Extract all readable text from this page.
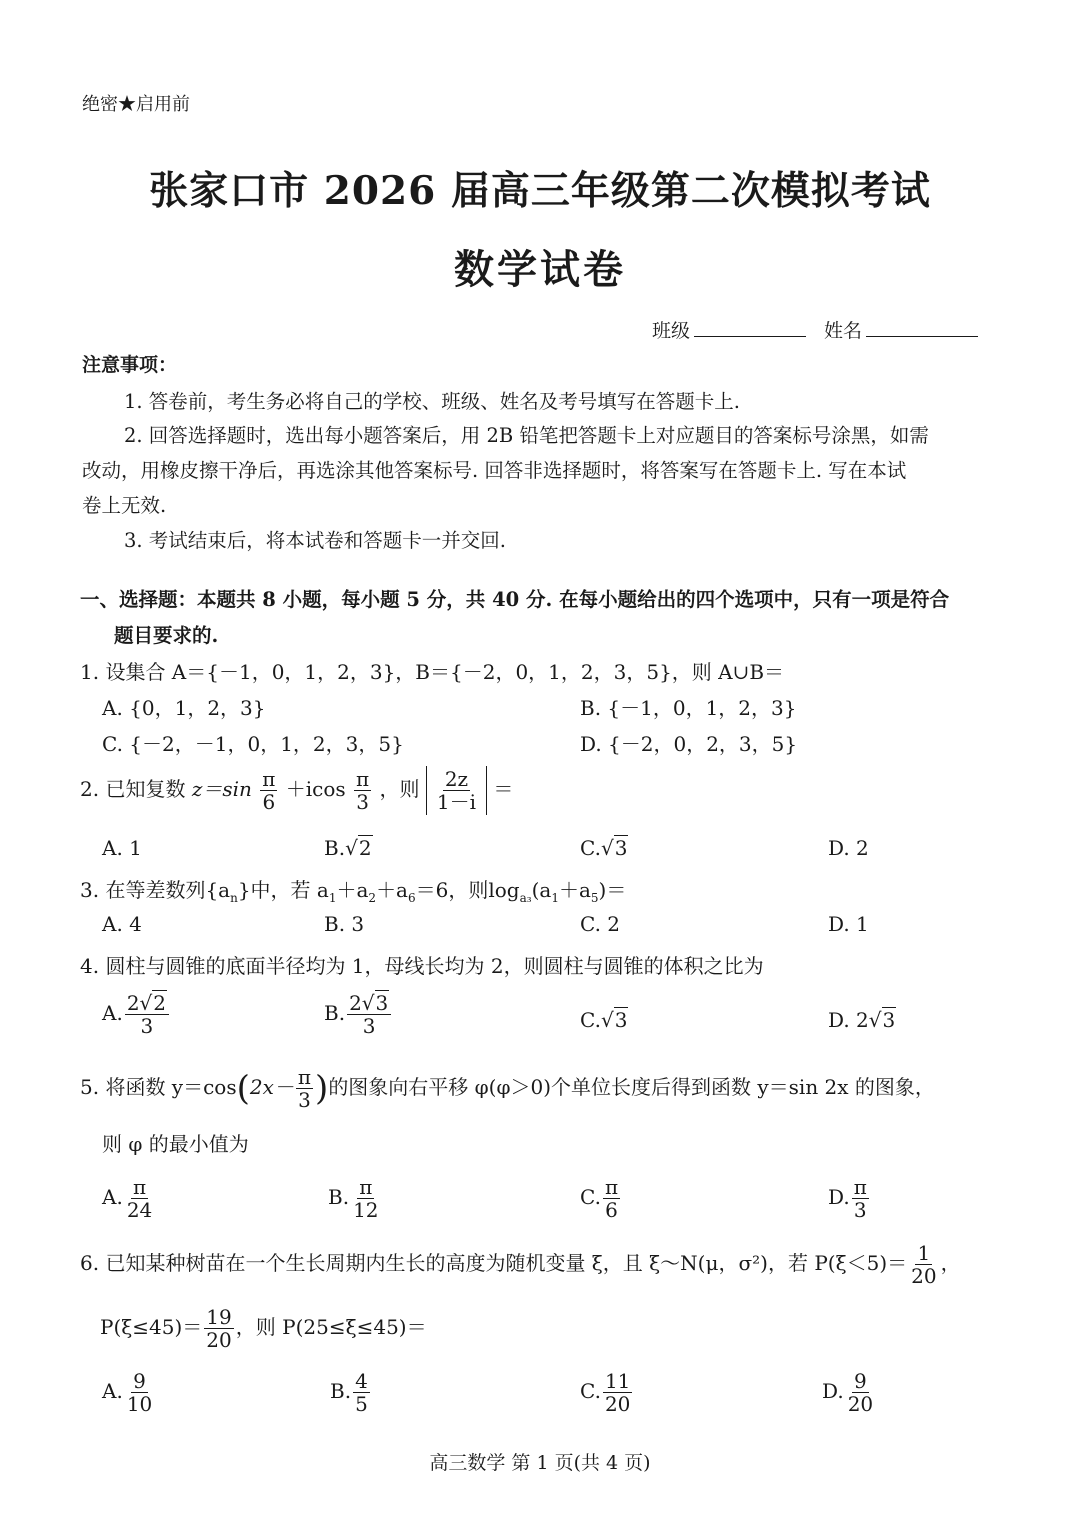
绝密★启用前
张家口市 2026 届高三年级第二次模拟考试
数学试卷
班级	姓名
注意事项：
1. 答卷前，考生务必将自己的学校、班级、姓名及考号填写在答题卡上.
2. 回答选择题时，选出每小题答案后，用 2B 铅笔把答题卡上对应题目的答案标号涂黑，如需
改动，用橡皮擦干净后，再选涂其他答案标号. 回答非选择题时，将答案写在答题卡上. 写在本试
卷上无效.
3. 考试结束后，将本试卷和答题卡一并交回.
一、选择题：本题共 8 小题，每小题 5 分，共 40 分. 在每小题给出的四个选项中，只有一项是符合
题目要求的.
1. 设集合 A＝{－1，0，1，2，3}，B＝{－2，0，1，2，3，5}，则 A∪B＝
A. {0，1，2，3}	B. {－1，0，1，2，3}
C. {－2，－1，0，1，2，3，5}	D. {－2，0，2，3，5}
2. 已知复数 $z=\sin \frac{\pi}{6} +icos \frac{\pi}{3}$ ，则 $\frac{2z}{1-i}$ ＝
A. 1	B.√2	C.√3	D. 2
3. 在等差数列$\{a_n\}$中，若 $a_1+a_2+a_6=6$，则$\log_{a_3}(a_1+a_5)=$
A. 4	B. 3	C. 2	D. 1
4. 圆柱与圆锥的底面半径均为 1，母线长均为 2，则圆柱与圆锥的体积之比为
A. $\frac{2√2}{3}$	B. $\frac{2√3}{3}$	C.√3	D. 2√3
5. 将函数 $y=\cos(2x- \frac{\pi}{3}$ )的图象向右平移 φ(φ＞0)个单位长度后得到函数 y＝sin 2x 的图象，
则 φ 的最小值为
A. $\frac{\pi}{24}$	B. $\frac{\pi}{12}$	C. $\frac{\pi}{6}$	D. $\frac{\pi}{3}$
6. 已知某种树苗在一个生长周期内生长的高度为随机变量 ξ，且 ξ～N(μ，σ²)，若 $P(\xi<5)= \frac{1}{20}$ ，
$P(\xi\le 45)= \frac{19}{20}$ ，则 P(25≤ξ≤45)＝
A. $\frac{9}{10}$	B. $\frac{4}{5}$	C. $\frac{11}{20}$	D. $\frac{9}{20}$
高三数学 第 1 页(共 4 页)
